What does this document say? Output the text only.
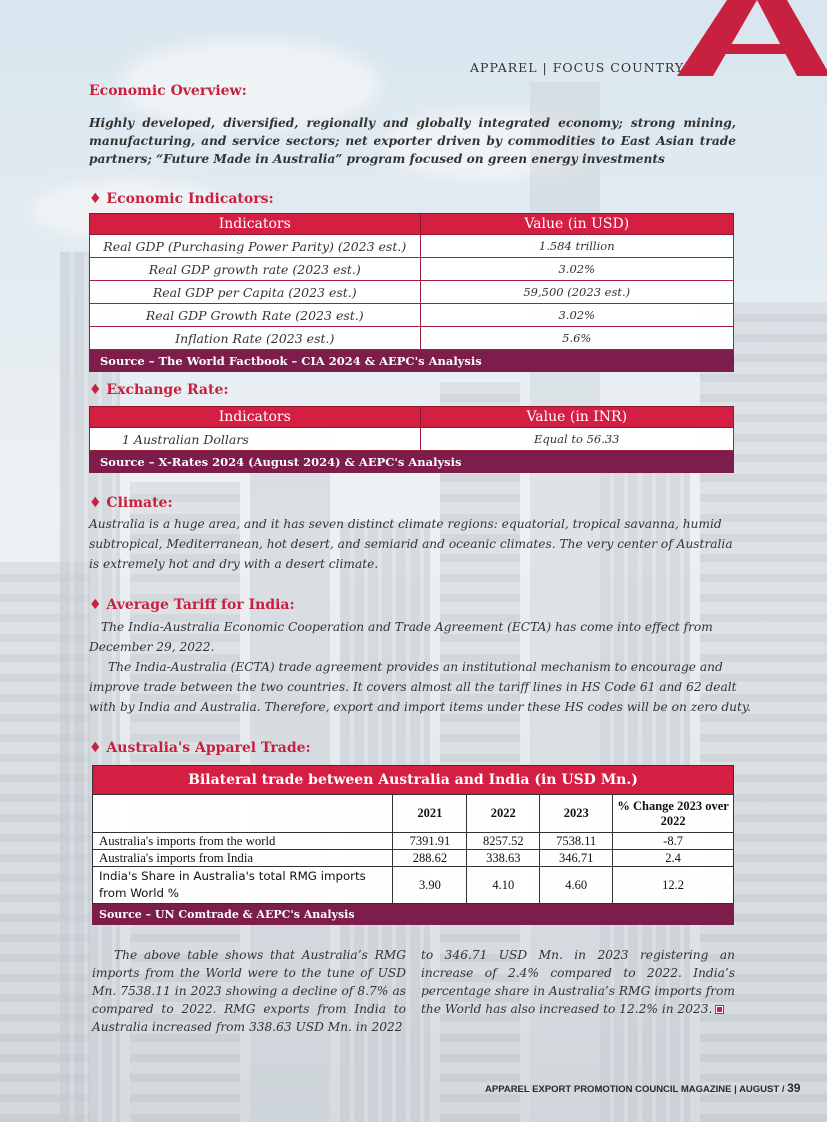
APPAREL | FOCUS COUNTRY
Economic Overview:
Highly developed, diversified, regionally and globally integrated economy; strong mining, manufacturing, and service sectors; net exporter driven by commodities to East Asian trade partners; “Future Made in Australia” program focused on green energy investments
♦ Economic Indicators:
Indicators	Value (in USD)
Real GDP (Purchasing Power Parity) (2023 est.)	1.584 trillion
Real GDP growth rate (2023 est.)	3.02%
Real GDP per Capita (2023 est.)	59,500 (2023 est.)
Real GDP Growth Rate (2023 est.)	3.02%
Inflation Rate (2023 est.)	5.6%
Source – The World Factbook – CIA 2024 & AEPC's Analysis	
♦ Exchange Rate:
Indicators	Value (in INR)
1 Australian Dollars	Equal to 56.33
Source – X-Rates 2024 (August 2024) & AEPC's Analysis	
♦ Climate:
Australia is a huge area, and it has seven distinct climate regions: equatorial, tropical savanna, humid subtropical, Mediterranean, hot desert, and semiarid and oceanic climates. The very center of Australia is extremely hot and dry with a desert climate.
♦ Average Tariff for India:
The India-Australia Economic Cooperation and Trade Agreement (ECTA) has come into effect from December 29, 2022.
The India-Australia (ECTA) trade agreement provides an institutional mechanism to encourage and improve trade between the two countries. It covers almost all the tariff lines in HS Code 61 and 62 dealt with by India and Australia. Therefore, export and import items under these HS codes will be on zero duty.
♦ Australia's Apparel Trade:
Bilateral trade between Australia and India (in USD Mn.)				
	2021	2022	2023	% Change 2023 over 2022
Australia's imports from the world	7391.91	8257.52	7538.11	-8.7
Australia's imports from India	288.62	338.63	346.71	2.4
India's Share in Australia's total RMG imports from World %	3.90	4.10	4.60	12.2
Source – UN Comtrade & AEPC's Analysis				
The above table shows that Australia’s RMG imports from the World were to the tune of USD Mn. 7538.11 in 2023 showing a decline of 8.7% as compared to 2022. RMG exports from India to Australia increased from 338.63 USD Mn. in 2022
to 346.71 USD Mn. in 2023 registering an increase of 2.4% compared to 2022. India’s percentage share in Australia’s RMG imports from the World has also increased to 12.2% in 2023.
APPAREL EXPORT PROMOTION COUNCIL MAGAZINE | AUGUST / 39
